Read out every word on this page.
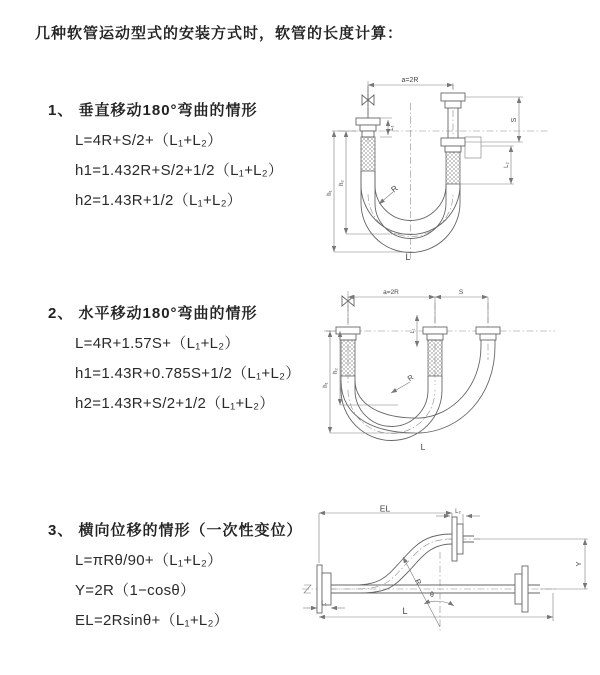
几种软管运动型式的安装方式时，软管的长度计算：
1、 垂直移动180°弯曲的情形
L=4R+S/2+（L₁+L₂）
h1=1.432R+S/2+1/2（L₁+L₂）
h2=1.43R+1/2（L₁+L₂）
2、 水平移动180°弯曲的情形
L=4R+1.57S+（L₁+L₂）
h1=1.43R+0.785S+1/2（L₁+L₂）
h2=1.43R+S/2+1/2（L₁+L₂）
3、 横向位移的情形（一次性变位）
L=πRθ/90+（L₁+L₂）
Y=2R（1−cosθ）
EL=2Rsinθ+（L₁+L₂）
a=2R
L₁
S
L₂
h₂
h₁	R
L
a=2R	S
h₁
h₂
L₁
R
L
EL	L₂
Y
R
θ
L₁
L
